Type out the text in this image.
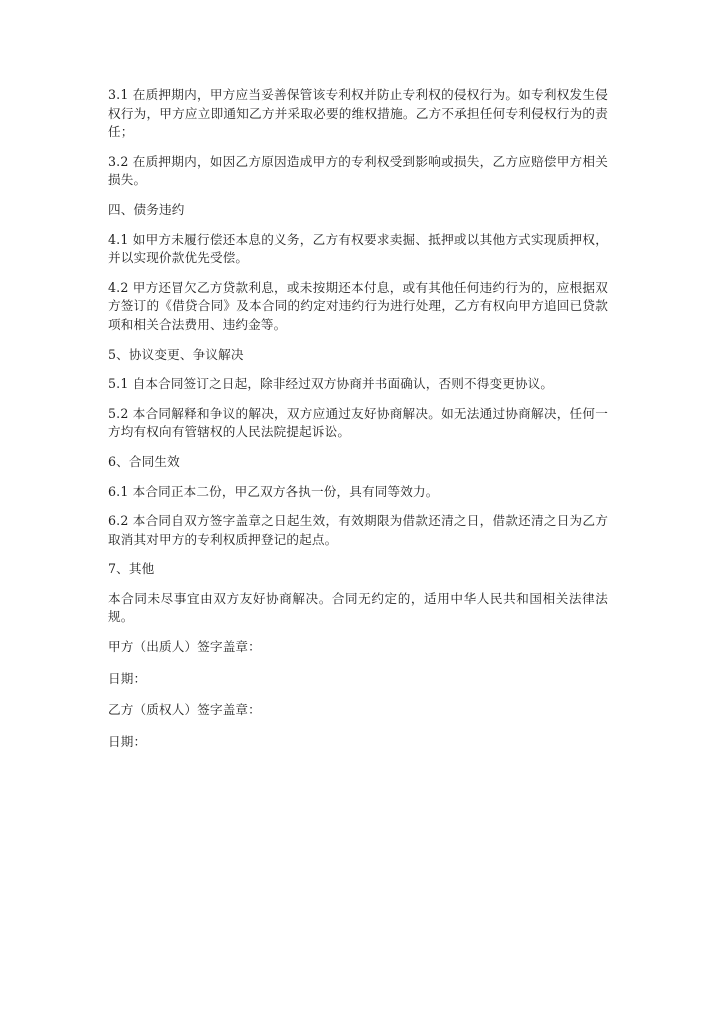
3.1 在质押期内，甲方应当妥善保管该专利权并防止专利权的侵权行为。如专利权发生侵权行为，甲方应立即通知乙方并采取必要的维权措施。乙方不承担任何专利侵权行为的责任；

3.2 在质押期内，如因乙方原因造成甲方的专利权受到影响或损失，乙方应赔偿甲方相关损失。

四、债务违约

4.1 如甲方未履行偿还本息的义务，乙方有权要求卖掘、抵押或以其他方式实现质押权，并以实现价款优先受偿。

4.2 甲方还冒欠乙方贷款利息，或未按期还本付息，或有其他任何违约行为的，应根据双方签订的《借贷合同》及本合同的约定对违约行为进行处理，乙方有权向甲方追回已贷款项和相关合法费用、违约金等。

5、协议变更、争议解决

5.1 自本合同签订之日起，除非经过双方协商并书面确认，否则不得变更协议。

5.2 本合同解释和争议的解决，双方应通过友好协商解决。如无法通过协商解决，任何一方均有权向有管辖权的人民法院提起诉讼。

6、合同生效

6.1 本合同正本二份，甲乙双方各执一份，具有同等效力。

6.2 本合同自双方签字盖章之日起生效，有效期限为借款还清之日，借款还清之日为乙方取消其对甲方的专利权质押登记的起点。

7、其他

本合同未尽事宜由双方友好协商解决。合同无约定的，适用中华人民共和国相关法律法规。

甲方（出质人）签字盖章：

日期：

乙方（质权人）签字盖章：

日期：
